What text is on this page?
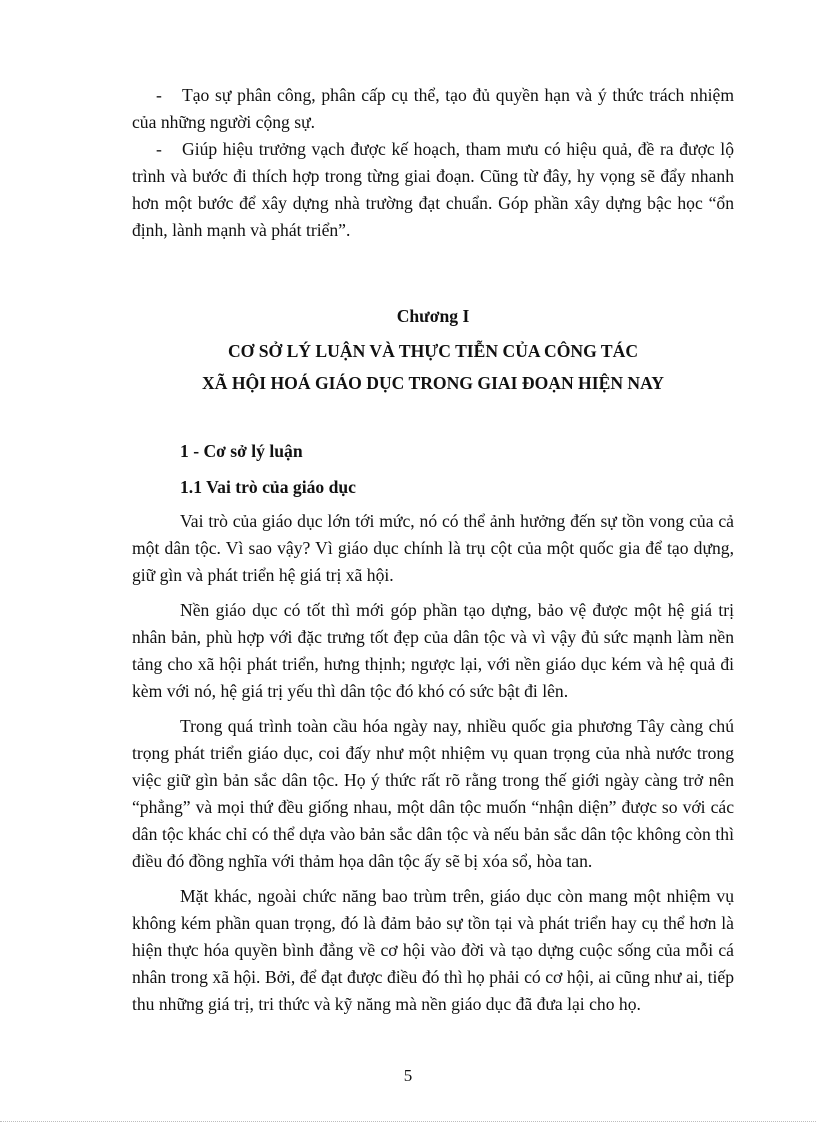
- Tạo sự phân công, phân cấp cụ thể, tạo đủ quyền hạn và ý thức trách nhiệm của những người cộng sự.

- Giúp hiệu trưởng vạch được kế hoạch, tham mưu có hiệu quả, đề ra được lộ trình và bước đi thích hợp trong từng giai đoạn. Cũng từ đây, hy vọng sẽ đẩy nhanh hơn một bước để xây dựng nhà trường đạt chuẩn. Góp phần xây dựng bậc học “ổn định, lành mạnh và phát triển”.

Chương I
CƠ SỞ LÝ LUẬN VÀ THỰC TIỄN CỦA CÔNG TÁC
XÃ HỘI HOÁ GIÁO DỤC TRONG GIAI ĐOẠN HIỆN NAY
1 - Cơ sở lý luận
1.1 Vai trò của giáo dục

Vai trò của giáo dục lớn tới mức, nó có thể ảnh hưởng đến sự tồn vong của cả một dân tộc. Vì sao vậy? Vì giáo dục chính là trụ cột của một quốc gia để tạo dựng, giữ gìn và phát triển hệ giá trị xã hội.

Nền giáo dục có tốt thì mới góp phần tạo dựng, bảo vệ được một hệ giá trị nhân bản, phù hợp với đặc trưng tốt đẹp của dân tộc và vì vậy đủ sức mạnh làm nền tảng cho xã hội phát triển, hưng thịnh; ngược lại, với nền giáo dục kém và hệ quả đi kèm với nó, hệ giá trị yếu thì dân tộc đó khó có sức bật đi lên.

Trong quá trình toàn cầu hóa ngày nay, nhiều quốc gia phương Tây càng chú trọng phát triển giáo dục, coi đấy như một nhiệm vụ quan trọng của nhà nước trong việc giữ gìn bản sắc dân tộc. Họ ý thức rất rõ rằng trong thế giới ngày càng trở nên “phẳng” và mọi thứ đều giống nhau, một dân tộc muốn “nhận diện” được so với các dân tộc khác chỉ có thể dựa vào bản sắc dân tộc và nếu bản sắc dân tộc không còn thì điều đó đồng nghĩa với thảm họa dân tộc ấy sẽ bị xóa sổ, hòa tan.

Mặt khác, ngoài chức năng bao trùm trên, giáo dục còn mang một nhiệm vụ không kém phần quan trọng, đó là đảm bảo sự tồn tại và phát triển hay cụ thể hơn là hiện thực hóa quyền bình đẳng về cơ hội vào đời và tạo dựng cuộc sống của mỗi cá nhân trong xã hội. Bởi, để đạt được điều đó thì họ phải có cơ hội, ai cũng như ai, tiếp thu những giá trị, tri thức và kỹ năng mà nền giáo dục đã đưa lại cho họ.

5
